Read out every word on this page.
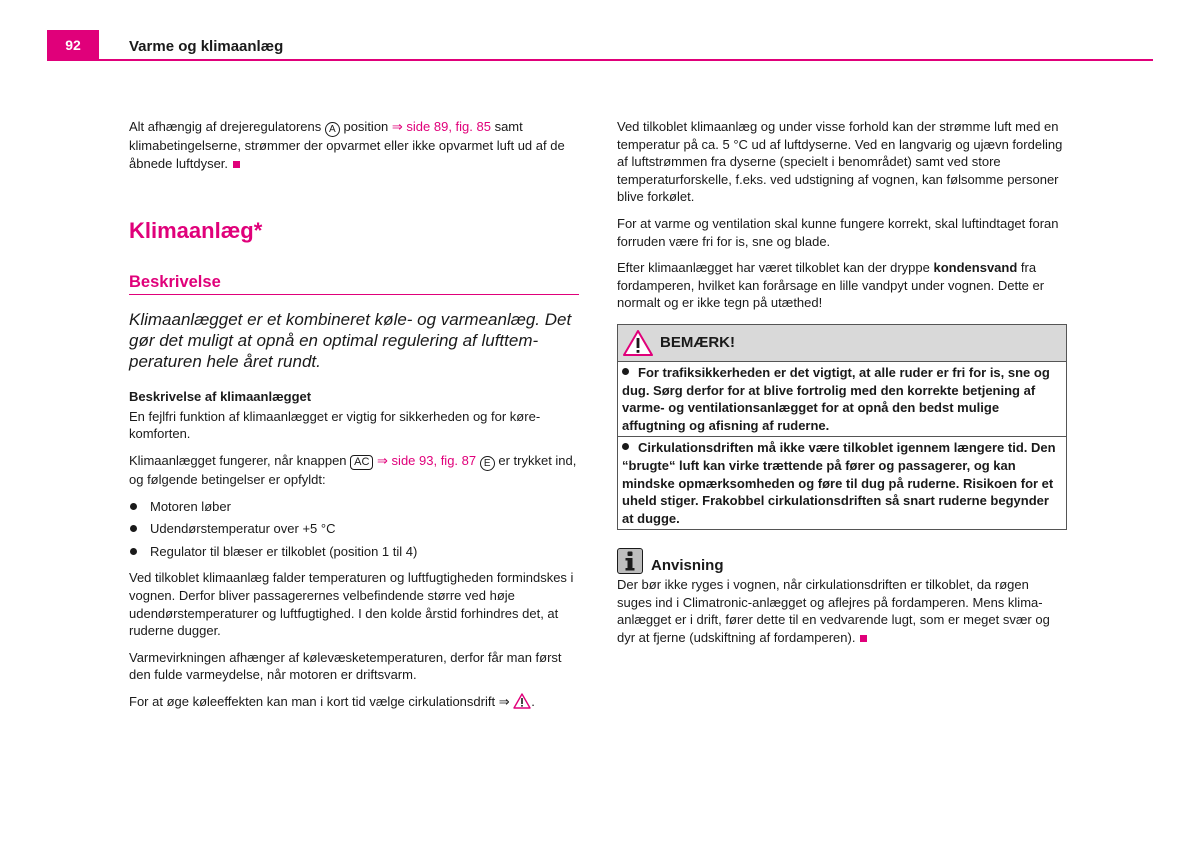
92	Varme og klimaanlæg

Alt afhængig af drejeregulatorens A position ⇒ side 89, fig. 85 samt klimabetingelserne, strømmer der opvarmet eller ikke opvarmet luft ud af de åbnede luftdyser.

Klimaanlæg*
Beskrivelse

Klimaanlægget er et kombineret køle- og varmeanlæg. Det gør det muligt at opnå en optimal regulering af lufttemperaturen hele året rundt.

Beskrivelse af klimaanlægget

En fejlfri funktion af klimaanlægget er vigtig for sikkerheden og for kørekomforten.

Klimaanlægget fungerer, når knappen AC ⇒ side 93, fig. 87 E er trykket ind, og følgende betingelser er opfyldt:

Motoren løber
Udendørstemperatur over +5 °C
Regulator til blæser er tilkoblet (position 1 til 4)

Ved tilkoblet klimaanlæg falder temperaturen og luftfugtigheden formindskes i vognen. Derfor bliver passagerernes velbefindende større ved høje udendørstemperaturer og luftfugtighed. I den kolde årstid forhindres det, at ruderne dugger.

Varmevirkningen afhænger af kølevæsketemperaturen, derfor får man først den fulde varmeydelse, når motoren er driftsvarm.

For at øge køleeffekten kan man i kort tid vælge cirkulationsdrift ⇒ .

Ved tilkoblet klimaanlæg og under visse forhold kan der strømme luft med en temperatur på ca. 5 °C ud af luftdyserne. Ved en langvarig og ujævn fordeling af luftstrømmen fra dyserne (specielt i benområdet) samt ved store temperaturforskelle, f.eks. ved udstigning af vognen, kan følsomme personer blive forkølet.

For at varme og ventilation skal kunne fungere korrekt, skal luftindtaget foran forruden være fri for is, sne og blade.

Efter klimaanlægget har været tilkoblet kan der dryppe kondensvand fra fordamperen, hvilket kan forårsage en lille vandpyt under vognen. Dette er normalt og er ikke tegn på utæthed!

BEMÆRK!
For trafiksikkerheden er det vigtigt, at alle ruder er fri for is, sne og dug. Sørg derfor for at blive fortrolig med den korrekte betjening af varme- og ventilationsanlægget for at opnå den bedst mulige affugtning og afisning af ruderne.
Cirkulationsdriften må ikke være tilkoblet igennem længere tid. Den “brugte“ luft kan virke trættende på fører og passagerer, og kan mindske opmærksomheden og føre til dug på ruderne. Risikoen for et uheld stiger. Frakobbel cirkulationsdriften så snart ruderne begynder at dugge.
Anvisning

Der bør ikke ryges i vognen, når cirkulationsdriften er tilkoblet, da røgen suges ind i Climatronic-anlægget og aflejres på fordamperen. Mens klimaanlægget er i drift, fører dette til en vedvarende lugt, som er meget svær og dyr at fjerne (udskiftning af fordamperen).
